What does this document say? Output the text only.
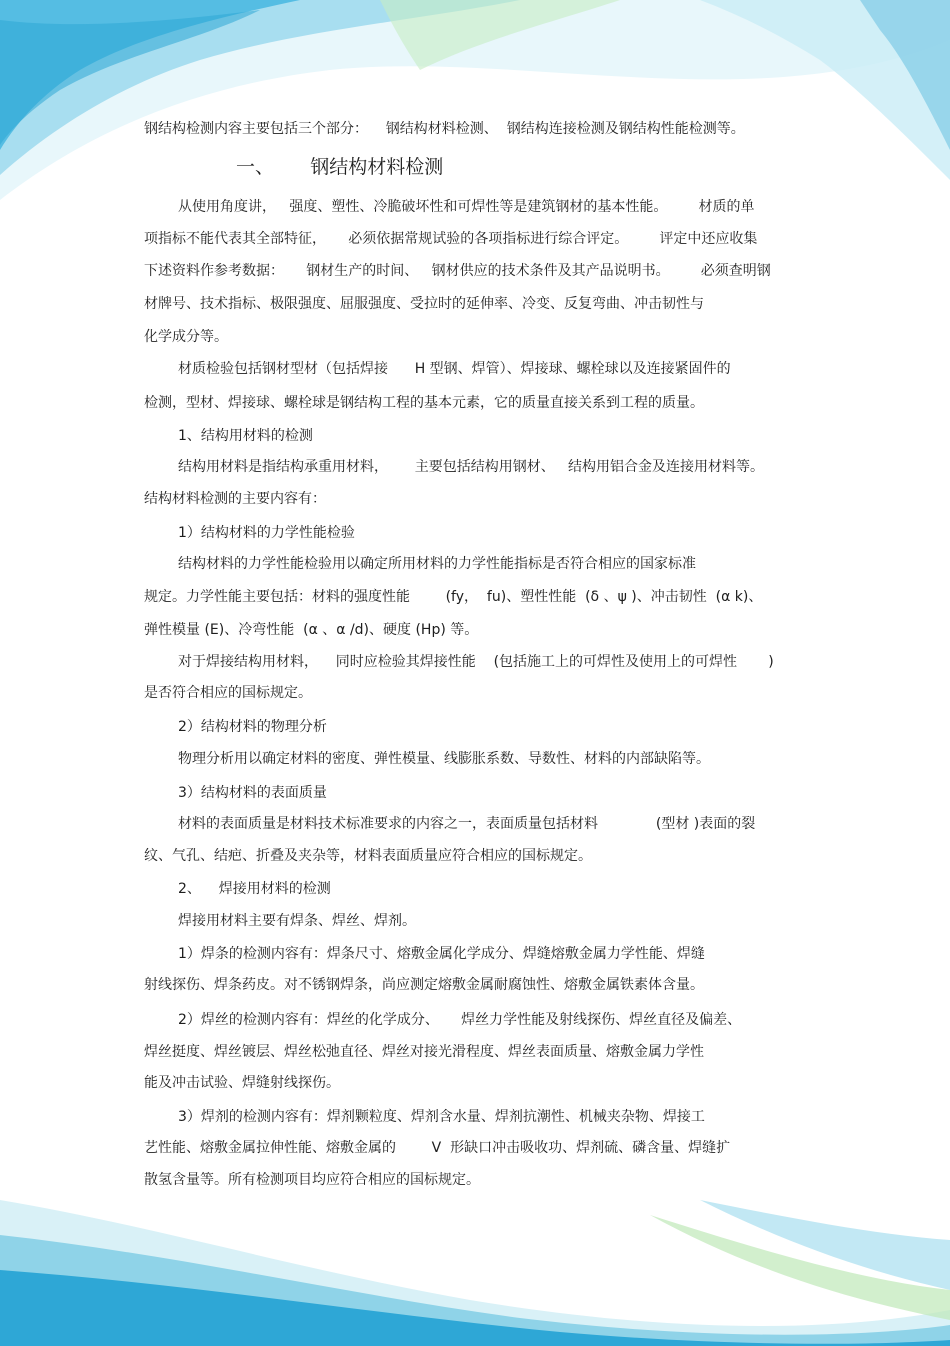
钢结构检测内容主要包括三个部分：    钢结构材料检测、  钢结构连接检测及钢结构性能检测等。

一、      钢结构材料检测

从使用角度讲，   强度、塑性、冷脆破坏性和可焊性等是建筑钢材的基本性能。       材质的单

项指标不能代表其全部特征，     必须依据常规试验的各项指标进行综合评定。       评定中还应收集

下述资料作参考数据：     钢材生产的时间、   钢材供应的技术条件及其产品说明书。       必须查明钢

材牌号、技术指标、极限强度、屈服强度、受拉时的延伸率、冷变、反复弯曲、冲击韧性与

化学成分等。

材质检验包括钢材型材（包括焊接      H 型钢、焊管）、焊接球、螺栓球以及连接紧固件的

检测，型材、焊接球、螺栓球是钢结构工程的基本元素，它的质量直接关系到工程的质量。

1、结构用材料的检测

结构用材料是指结构承重用材料，      主要包括结构用钢材、   结构用铝合金及连接用材料等。

结构材料检测的主要内容有：

1）结构材料的力学性能检验

结构材料的力学性能检验用以确定所用材料的力学性能指标是否符合相应的国家标准

规定。力学性能主要包括：材料的强度性能        (fy，  fu)、塑性性能  (δ 、ψ )、冲击韧性  (α k)、

弹性模量 (E)、冷弯性能  (α 、α /d)、硬度 (Hp) 等。

对于焊接结构用材料，    同时应检验其焊接性能    (包括施工上的可焊性及使用上的可焊性       )

是否符合相应的国标规定。

2）结构材料的物理分析

物理分析用以确定材料的密度、弹性模量、线膨胀系数、导数性、材料的内部缺陷等。

3）结构材料的表面质量

材料的表面质量是材料技术标准要求的内容之一，表面质量包括材料             (型材 )表面的裂

纹、气孔、结疤、折叠及夹杂等，材料表面质量应符合相应的国标规定。

2、    焊接用材料的检测

焊接用材料主要有焊条、焊丝、焊剂。

1）焊条的检测内容有：焊条尺寸、熔敷金属化学成分、焊缝熔敷金属力学性能、焊缝

射线探伤、焊条药皮。对不锈钢焊条，尚应测定熔敷金属耐腐蚀性、熔敷金属铁素体含量。

2）焊丝的检测内容有：焊丝的化学成分、     焊丝力学性能及射线探伤、焊丝直径及偏差、

焊丝挺度、焊丝镀层、焊丝松弛直径、焊丝对接光滑程度、焊丝表面质量、熔敷金属力学性

能及冲击试验、焊缝射线探伤。

3）焊剂的检测内容有：焊剂颗粒度、焊剂含水量、焊剂抗潮性、机械夹杂物、焊接工

艺性能、熔敷金属拉伸性能、熔敷金属的        V  形缺口冲击吸收功、焊剂硫、磷含量、焊缝扩

散氢含量等。所有检测项目均应符合相应的国标规定。
